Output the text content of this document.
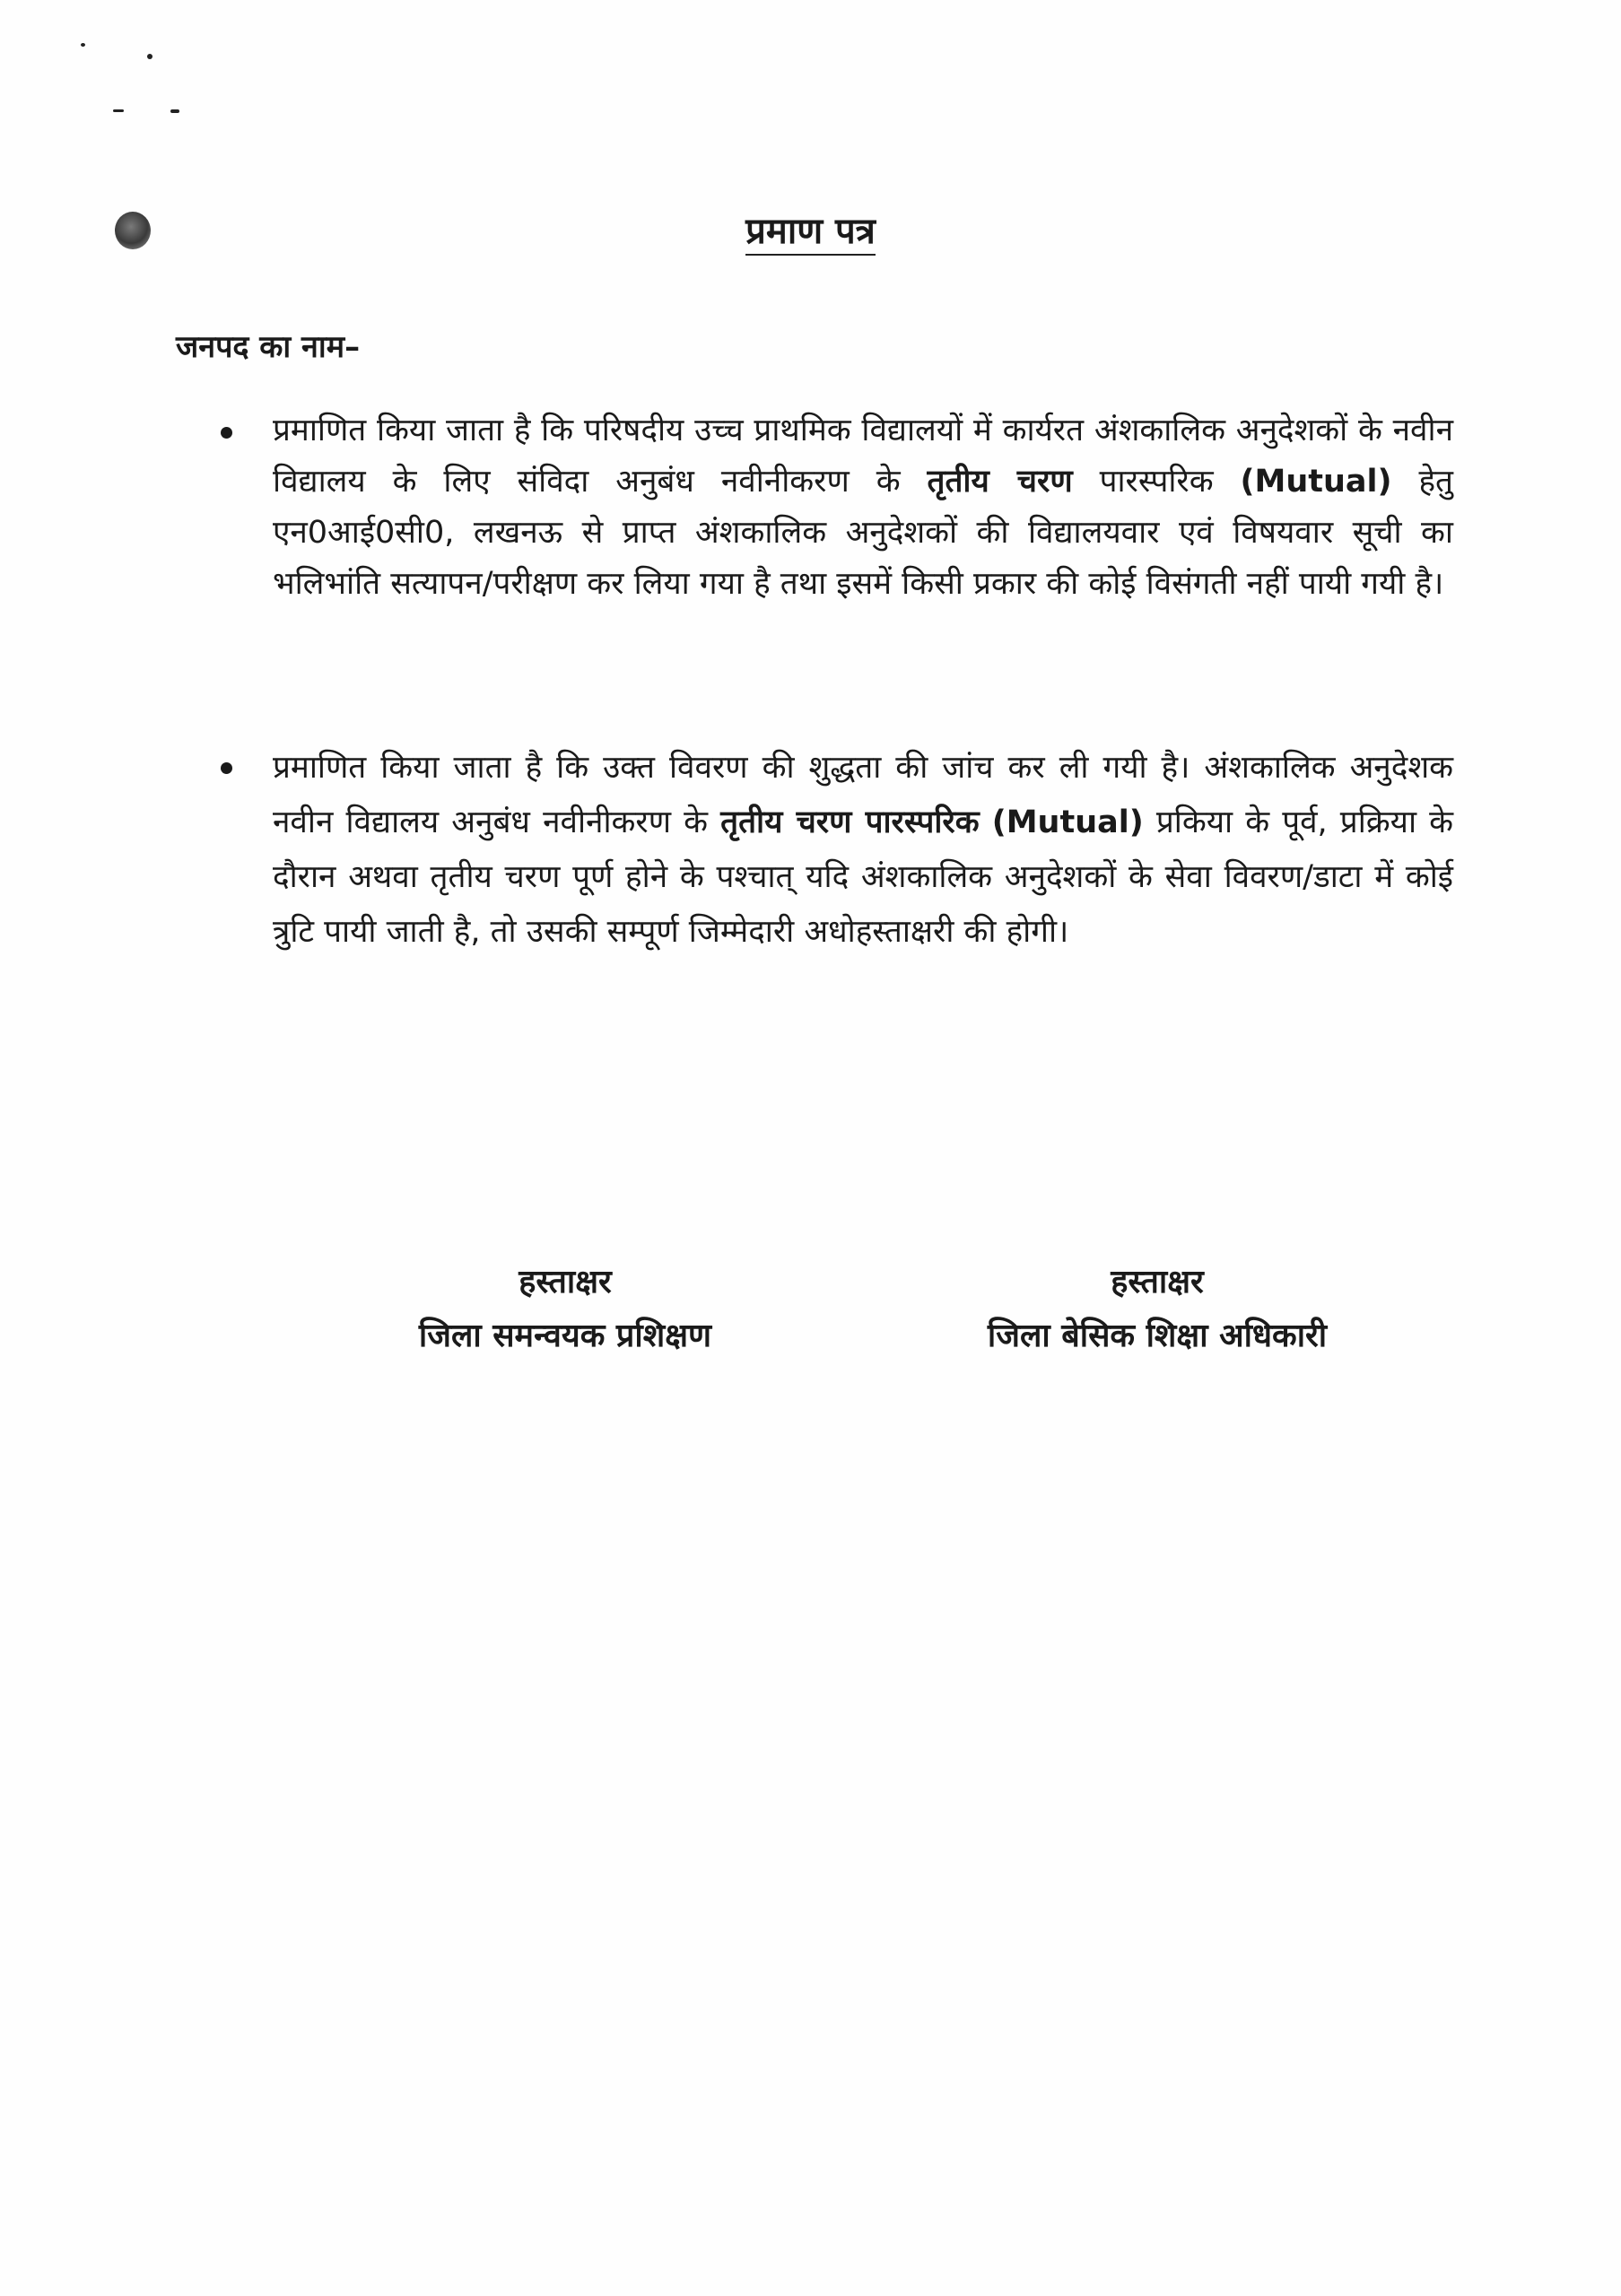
प्रमाण पत्र
जनपद का नाम–

प्रमाणित किया जाता है कि परिषदीय उच्च प्राथमिक विद्यालयों में कार्यरत अंशकालिक अनुदेशकों के नवीन विद्यालय के लिए संविदा अनुबंध नवीनीकरण के तृतीय चरण पारस्परिक (Mutual) हेतु एन0आई0सी0, लखनऊ से प्राप्त अंशकालिक अनुदेशकों की विद्यालयवार एवं विषयवार सूची का भलिभांति सत्यापन/परीक्षण कर लिया गया है तथा इसमें किसी प्रकार की कोई विसंगती नहीं पायी गयी है।

प्रमाणित किया जाता है कि उक्त विवरण की शुद्धता की जांच कर ली गयी है। अंशकालिक अनुदेशक नवीन विद्यालय अनुबंध नवीनीकरण के तृतीय चरण पारस्परिक (Mutual) प्रकिया के पूर्व, प्रक्रिया के दौरान अथवा तृतीय चरण पूर्ण होने के पश्चात् यदि अंशकालिक अनुदेशकों के सेवा विवरण/डाटा में कोई त्रुटि पायी जाती है, तो उसकी सम्पूर्ण जिम्मेदारी अधोहस्ताक्षरी की होगी।

हस्ताक्षर
जिला समन्वयक प्रशिक्षण
हस्ताक्षर
जिला बेसिक शिक्षा अधिकारी
